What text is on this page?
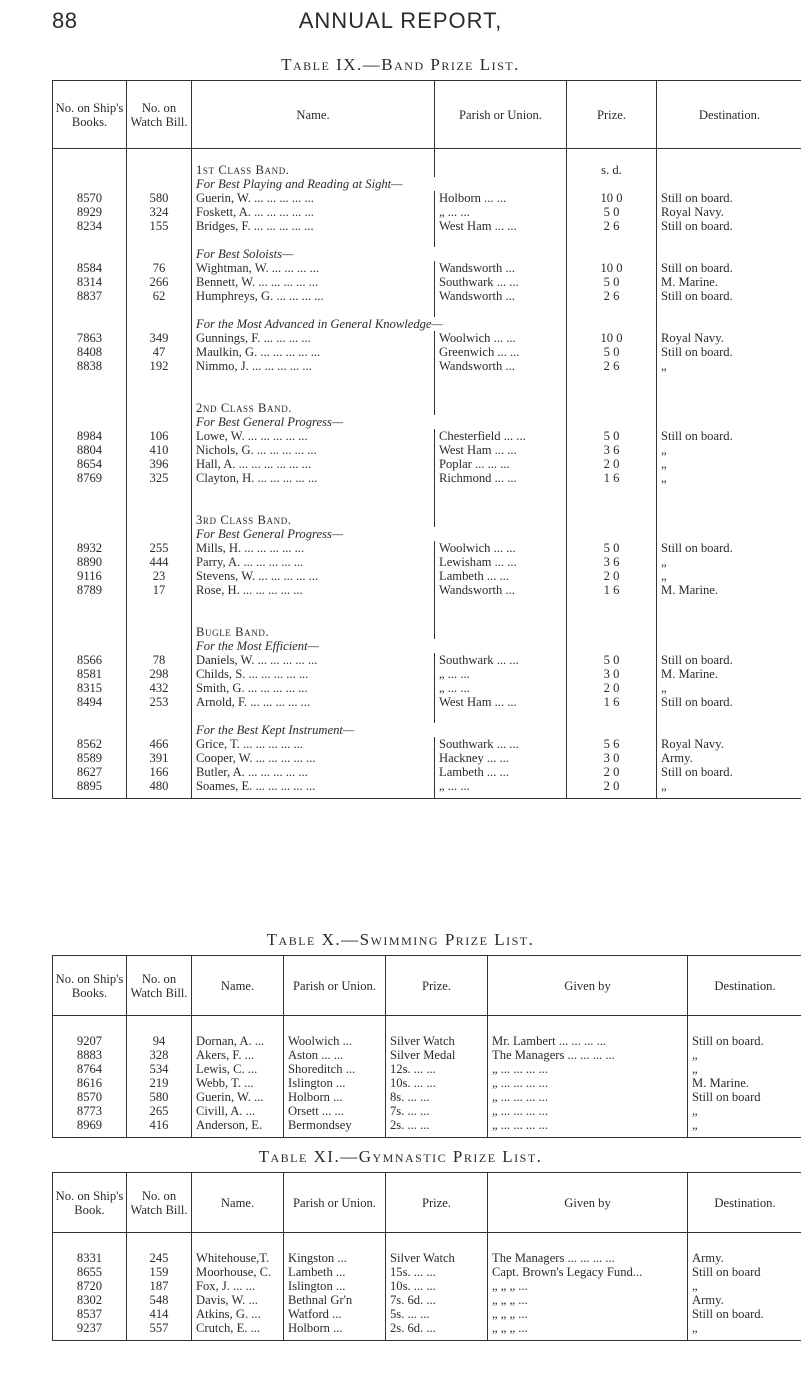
88	ANNUAL REPORT,
Table IX.—Band Prize List.
No. on Ship's Books.	No. on Watch Bill.	Name.	Parish or Union.	Prize.	Destination.

		1st Class Band.		s. d.	
		For Best Playing and Reading at Sight—			
8570	580	Guerin, W. ... ... ... ... ...	Holborn ... ...	10 0	Still on board.
8929	324	Foskett, A. ... ... ... ... ...	„ ... ...	5 0	Royal Navy.
8234	155	Bridges, F. ... ... ... ... ...	West Ham ... ...	2 6	Still on board.

		For Best Soloists—			
8584	76	Wightman, W. ... ... ... ...	Wandsworth ...	10 0	Still on board.
8314	266	Bennett, W. ... ... ... ... ...	Southwark ... ...	5 0	M. Marine.
8837	62	Humphreys, G. ... ... ... ...	Wandsworth ...	2 6	Still on board.

		For the Most Advanced in General Knowledge—			
7863	349	Gunnings, F. ... ... ... ...	Woolwich ... ...	10 0	Royal Navy.
8408	47	Maulkin, G. ... ... ... ... ...	Greenwich ... ...	5 0	Still on board.
8838	192	Nimmo, J. ... ... ... ... ...	Wandsworth ...	2 6	„

		2nd Class Band.			
		For Best General Progress—			
8984	106	Lowe, W. ... ... ... ... ...	Chesterfield ... ...	5 0	Still on board.
8804	410	Nichols, G. ... ... ... ... ...	West Ham ... ...	3 6	„
8654	396	Hall, A. ... ... ... ... ... ...	Poplar ... ... ...	2 0	„
8769	325	Clayton, H. ... ... ... ... ...	Richmond ... ...	1 6	„

		3rd Class Band.			
		For Best General Progress—			
8932	255	Mills, H. ... ... ... ... ...	Woolwich ... ...	5 0	Still on board.
8890	444	Parry, A. ... ... ... ... ...	Lewisham ... ...	3 6	„
9116	23	Stevens, W. ... ... ... ... ...	Lambeth ... ...	2 0	„
8789	17	Rose, H. ... ... ... ... ...	Wandsworth ...	1 6	M. Marine.

		Bugle Band.			
		For the Most Efficient—			
8566	78	Daniels, W. ... ... ... ... ...	Southwark ... ...	5 0	Still on board.
8581	298	Childs, S. ... ... ... ... ...	„ ... ...	3 0	M. Marine.
8315	432	Smith, G. ... ... ... ... ...	„ ... ...	2 0	„
8494	253	Arnold, F. ... ... ... ... ...	West Ham ... ...	1 6	Still on board.

		For the Best Kept Instrument—			
8562	466	Grice, T. ... ... ... ... ...	Southwark ... ...	5 6	Royal Navy.
8589	391	Cooper, W. ... ... ... ... ...	Hackney ... ...	3 0	Army.
8627	166	Butler, A. ... ... ... ... ...	Lambeth ... ...	2 0	Still on board.
8895	480	Soames, E. ... ... ... ... ...	„ ... ...	2 0	„

Table X.—Swimming Prize List.
No. on Ship's Books.	No. on Watch Bill.	Name.	Parish or Union.	Prize.	Given by	Destination.

9207	94	Dornan, A. ...	Woolwich ...	Silver Watch	Mr. Lambert ... ... ... ...	Still on board.
8883	328	Akers, F. ...	Aston ... ...	Silver Medal	The Managers ... ... ... ...	„
8764	534	Lewis, C. ...	Shoreditch ...	12s. ... ...	„ ... ... ... ...	„
8616	219	Webb, T. ...	Islington ...	10s. ... ...	„ ... ... ... ...	M. Marine.
8570	580	Guerin, W. ...	Holborn ...	8s. ... ...	„ ... ... ... ...	Still on board
8773	265	Civill, A. ...	Orsett ... ...	7s. ... ...	„ ... ... ... ...	„
8969	416	Anderson, E.	Bermondsey	2s. ... ...	„ ... ... ... ...	„

Table XI.—Gymnastic Prize List.
No. on Ship's Book.	No. on Watch Bill.	Name.	Parish or Union.	Prize.	Given by	Destination.

8331	245	Whitehouse,T.	Kingston ...	Silver Watch	The Managers ... ... ... ...	Army.
8655	159	Moorhouse, C.	Lambeth ...	15s. ... ...	Capt. Brown's Legacy Fund...	Still on board
8720	187	Fox, J. ... ...	Islington ...	10s. ... ...	„ „ „ ...	„
8302	548	Davis, W. ...	Bethnal Gr'n	7s. 6d. ...	„ „ „ ...	Army.
8537	414	Atkins, G. ...	Watford ...	5s. ... ...	„ „ „ ...	Still on board.
9237	557	Crutch, E. ...	Holborn ...	2s. 6d. ...	„ „ „ ...	„
